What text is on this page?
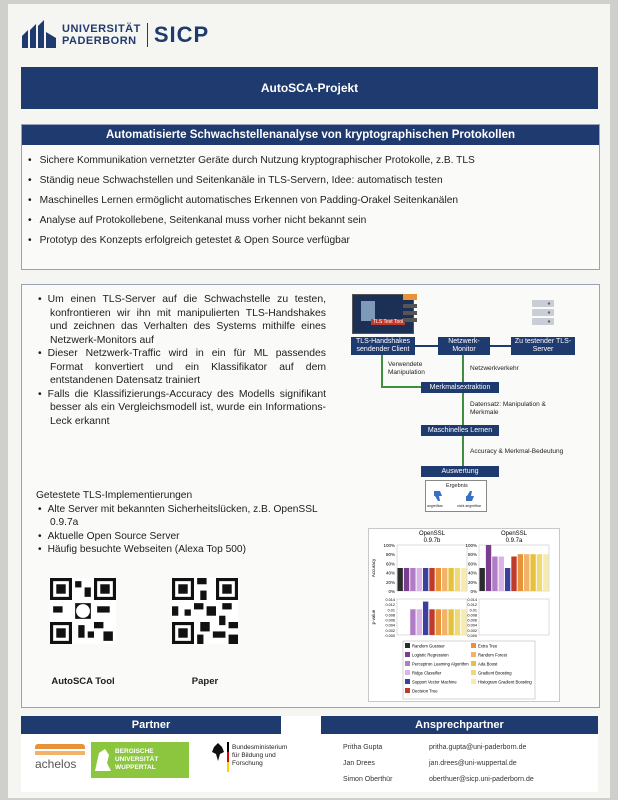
UNIVERSITÄT
PADERBORN SICP
AutoSCA-Projekt
Automatisierte Schwachstellenanalyse von kryptographischen Protokollen
• Sichere Kommunikation vernetzter Geräte durch Nutzung kryptographischer Protokolle, z.B. TLS
• Ständig neue Schwachstellen und Seitenkanäle in TLS-Servern, Idee: automatisch testen
• Maschinelles Lernen ermöglicht automatisches Erkennen von Padding-Orakel Seitenkanälen
• Analyse auf Protokollebene, Seitenkanal muss vorher nicht bekannt sein
• Prototyp des Konzepts erfolgreich getestet & Open Source verfügbar
• Um einen TLS-Server auf die Schwachstelle zu testen, konfrontieren wir ihn mit manipulierten TLS-Handshakes und zeichnen das Verhalten des Systems mithilfe eines Netzwerk-Monitors auf
• Dieser Netzwerk-Traffic wird in ein für ML passendes Format konvertiert und ein Klassifikator auf dem entstandenen Datensatz trainiert
• Falls die Klassifizierungs-Accuracy des Modells signifikant besser als ein Vergleichsmodell ist, wurde ein Informations-Leck erkannt
Getestete TLS-Implementierungen
• Alte Server mit bekannten Sicherheitslücken, z.B. OpenSSL 0.9.7a
• Aktuelle Open Source Server
• Häufig besuchte Webseiten (Alexa Top 500)
AutoSCA Tool	Paper
TLS Test Tool
TLS-Handshakes sendender Client
Netzwerk-Monitor
Zu testender TLS-Server
Verwendete Manipulation
Netzwerkverkehr
Merkmalsextraktion
Datensatz: Manipulation & Merkmale
Maschinelles Lernen
Accuracy & Merkmal-Bedeutung
Auswertung
Ergebnis
angreifbar	nicht angreifbar
OpenSSL
0.9.7b
OpenSSL
0.9.7a
100%	100%
80%	80%
60%	60%
40%	40%
20%	20%
0%	0%
0.014	0.014
0.012	0.012
0.01	0.01
0.008	0.008
0.006	0.006
0.004	0.004
0.002	0.002
0.000	0.000
Accuracy
p-value
Random Guesser
Logistic Regression
Perceptron Learning Algorithm
Ridge Classifier
Support Vector Machine
Decision Tree
Extra Tree
Random Forest
Ada Boost
Gradient Boosting
Histogram Gradient Boosting
Partner	Ansprechpartner
achelos
BERGISCHE UNIVERSITÄT WUPPERTAL
Bundesministerium für Bildung und Forschung
Pritha Gupta	pritha.gupta@uni-paderborn.de
Jan Drees	jan.drees@uni-wuppertal.de
Simon Oberthür	oberthuer@sicp.uni-paderborn.de
